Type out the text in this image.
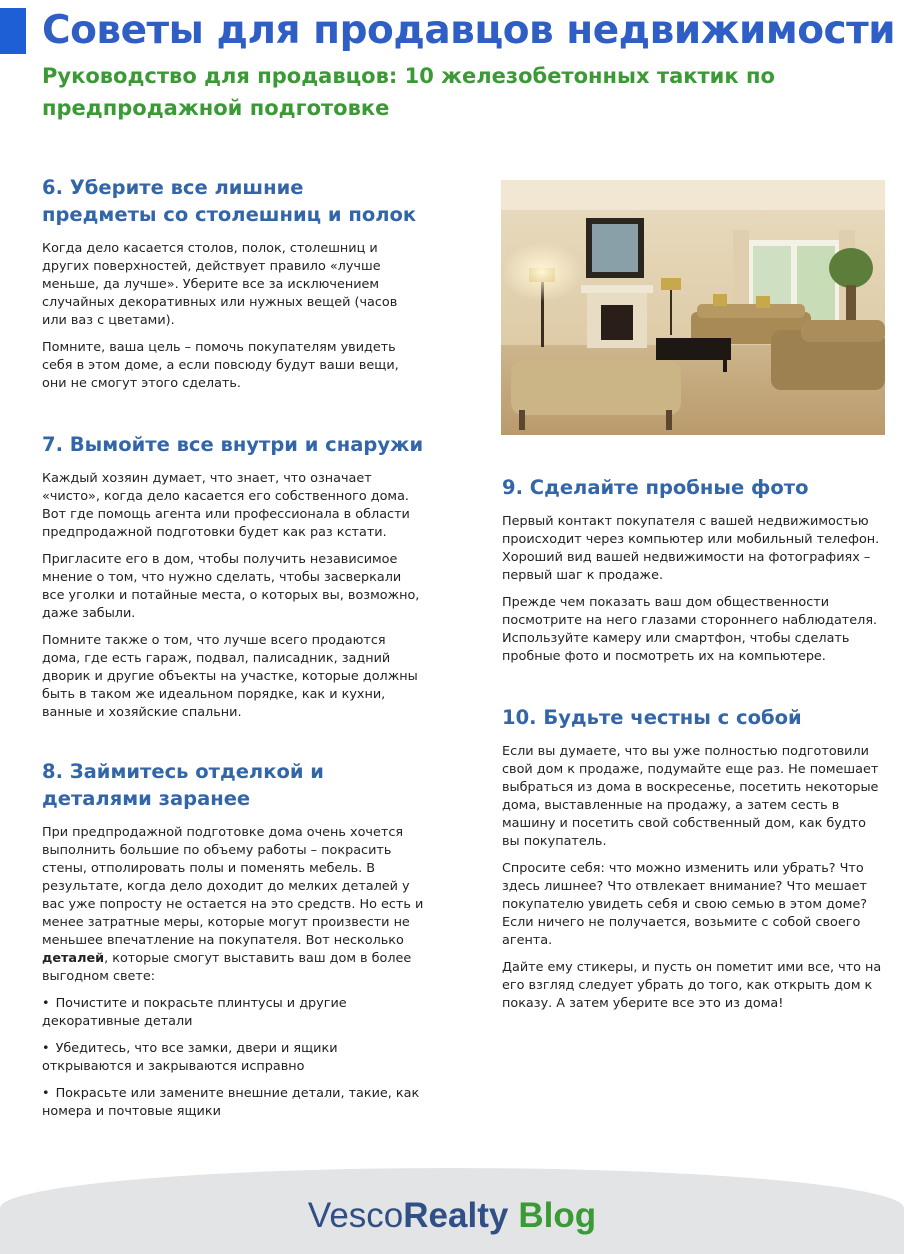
Советы для продавцов недвижимости
Руководство для продавцов: 10 железобетонных тактик по предпродажной подготовке
6. Уберите все лишние предметы со столешниц и полок

Когда дело касается столов, полок, столешниц и других поверхностей, действует правило «лучше меньше, да лучше». Уберите все за исключением случайных декоративных или нужных вещей (часов или ваз с цветами).

Помните, ваша цель – помочь покупателям увидеть себя в этом доме, а если повсюду будут ваши вещи, они не смогут этого сделать.

7. Вымойте все внутри и снаружи

Каждый хозяин думает, что знает, что означает «чисто», когда дело касается его собственного дома. Вот где помощь агента или профессионала в области предпродажной подготовки будет как раз кстати.

Пригласите его в дом, чтобы получить независимое мнение о том, что нужно сделать, чтобы засверкали все уголки и потайные места, о которых вы, возможно, даже забыли.

Помните также о том, что лучше всего продаются дома, где есть гараж, подвал, палисадник, задний дворик и другие объекты на участке, которые должны быть в таком же идеальном порядке, как и кухни, ванные и хозяйские спальни.

8. Займитесь отделкой и деталями заранее

При предпродажной подготовке дома очень хочется выполнить большие по объему работы – покрасить стены, отполировать полы и поменять мебель. В результате, когда дело доходит до мелких деталей у вас уже попросту не остается на это средств. Но есть и менее затратные меры, которые могут произвести не меньшее впечатление на покупателя. Вот несколько деталей, которые смогут выставить ваш дом в более выгодном свете:

• Почистите и покрасьте плинтусы и другие декоративные детали
• Убедитесь, что все замки, двери и ящики открываются и закрываются исправно
• Покрасьте или замените внешние детали, такие, как номера и почтовые ящики
9. Сделайте пробные фото

Первый контакт покупателя с вашей недвижимостью происходит через компьютер или мобильный телефон. Хороший вид вашей недвижимости на фотографиях – первый шаг к продаже.

Прежде чем показать ваш дом общественности посмотрите на него глазами стороннего наблюдателя. Используйте камеру или смартфон, чтобы сделать пробные фото и посмотреть их на компьютере.

10. Будьте честны с собой

Если вы думаете, что вы уже полностью подготовили свой дом к продаже, подумайте еще раз. Не помешает выбраться из дома в воскресенье, посетить некоторые дома, выставленные на продажу, а затем сесть в машину и посетить свой собственный дом, как будто вы покупатель.

Спросите себя: что можно изменить или убрать? Что здесь лишнее? Что отвлекает внимание? Что мешает покупателю увидеть себя и свою семью в этом доме? Если ничего не получается, возьмите с собой своего агента.

Дайте ему стикеры, и пусть он пометит ими все, что на его взгляд следует убрать до того, как открыть дом к показу. А затем уберите все это из дома!

VescoRealty Blog
